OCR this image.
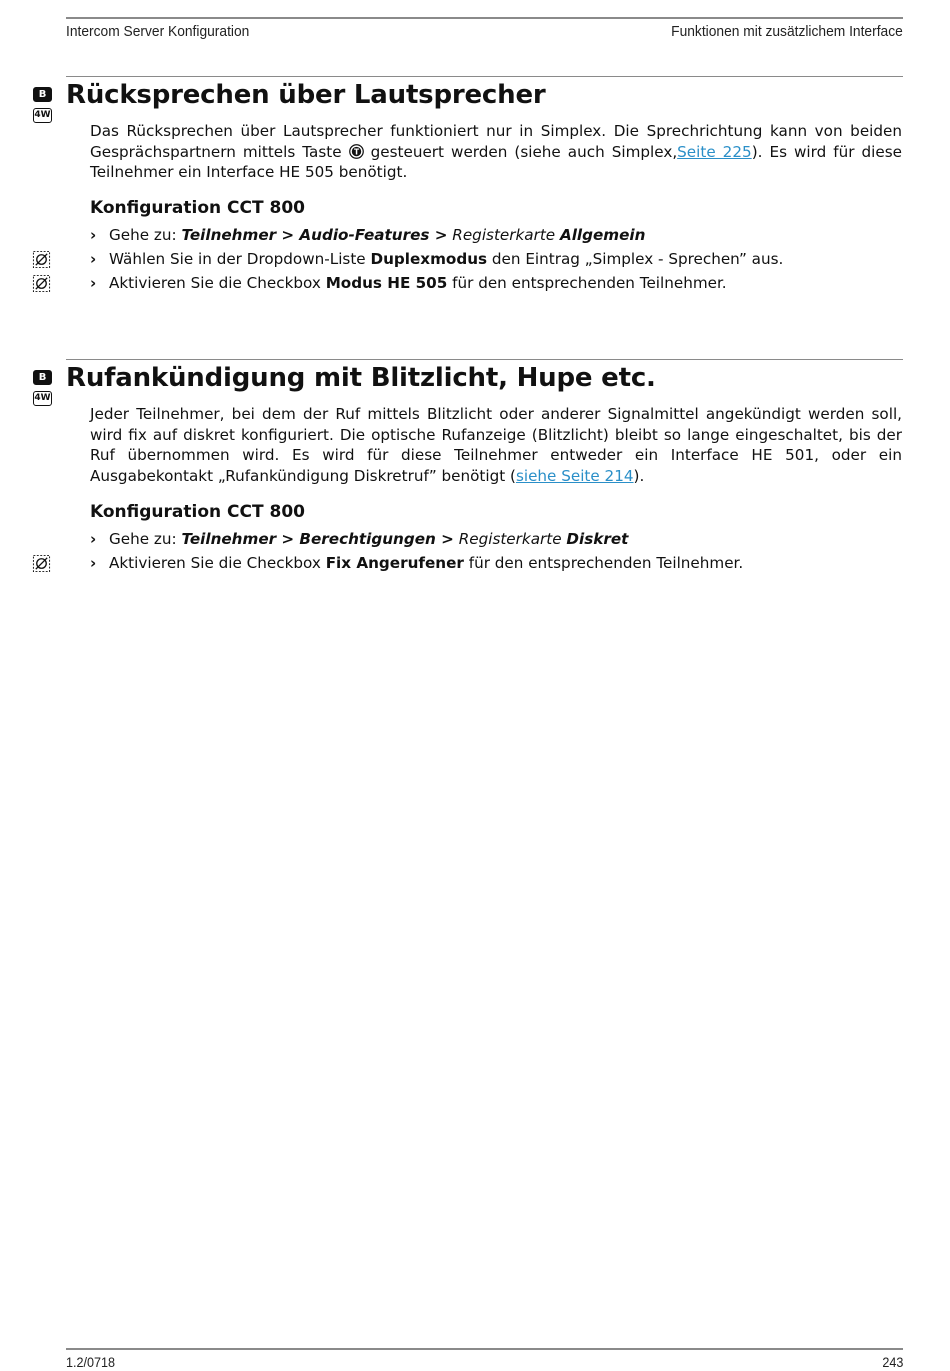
Intercom Server Konfiguration	Funktionen mit zusätzlichem Interface
B
4W
Rücksprechen über Lautsprecher
Das Rücksprechen über Lautsprecher funktioniert nur in Simplex. Die Sprechrichtung kann von beiden Gesprächspartnern mittels Taste T gesteuert werden (siehe auch Simplex,Seite 225). Es wird für diese Teilnehmer ein Interface HE 505 benötigt.
Konfiguration CCT 800
› Gehe zu: Teilnehmer > Audio-Features > Registerkarte Allgemein
› Wählen Sie in der Dropdown-Liste Duplexmodus den Eintrag „Simplex - Sprechen” aus.
› Aktivieren Sie die Checkbox Modus HE 505 für den entsprechenden Teilnehmer.
B
4W
Rufankündigung mit Blitzlicht, Hupe etc.
Jeder Teilnehmer, bei dem der Ruf mittels Blitzlicht oder anderer Signalmittel angekündigt werden soll, wird fix auf diskret konfiguriert. Die optische Rufanzeige (Blitzlicht) bleibt so lange eingeschaltet, bis der Ruf übernommen wird. Es wird für diese Teilnehmer entweder ein Interface HE 501, oder ein Ausgabekontakt „Rufankündigung Diskretruf” benötigt (siehe Seite 214).
Konfiguration CCT 800
› Gehe zu: Teilnehmer > Berechtigungen > Registerkarte Diskret
› Aktivieren Sie die Checkbox Fix Angerufener für den entsprechenden Teilnehmer.
1.2/0718	243
